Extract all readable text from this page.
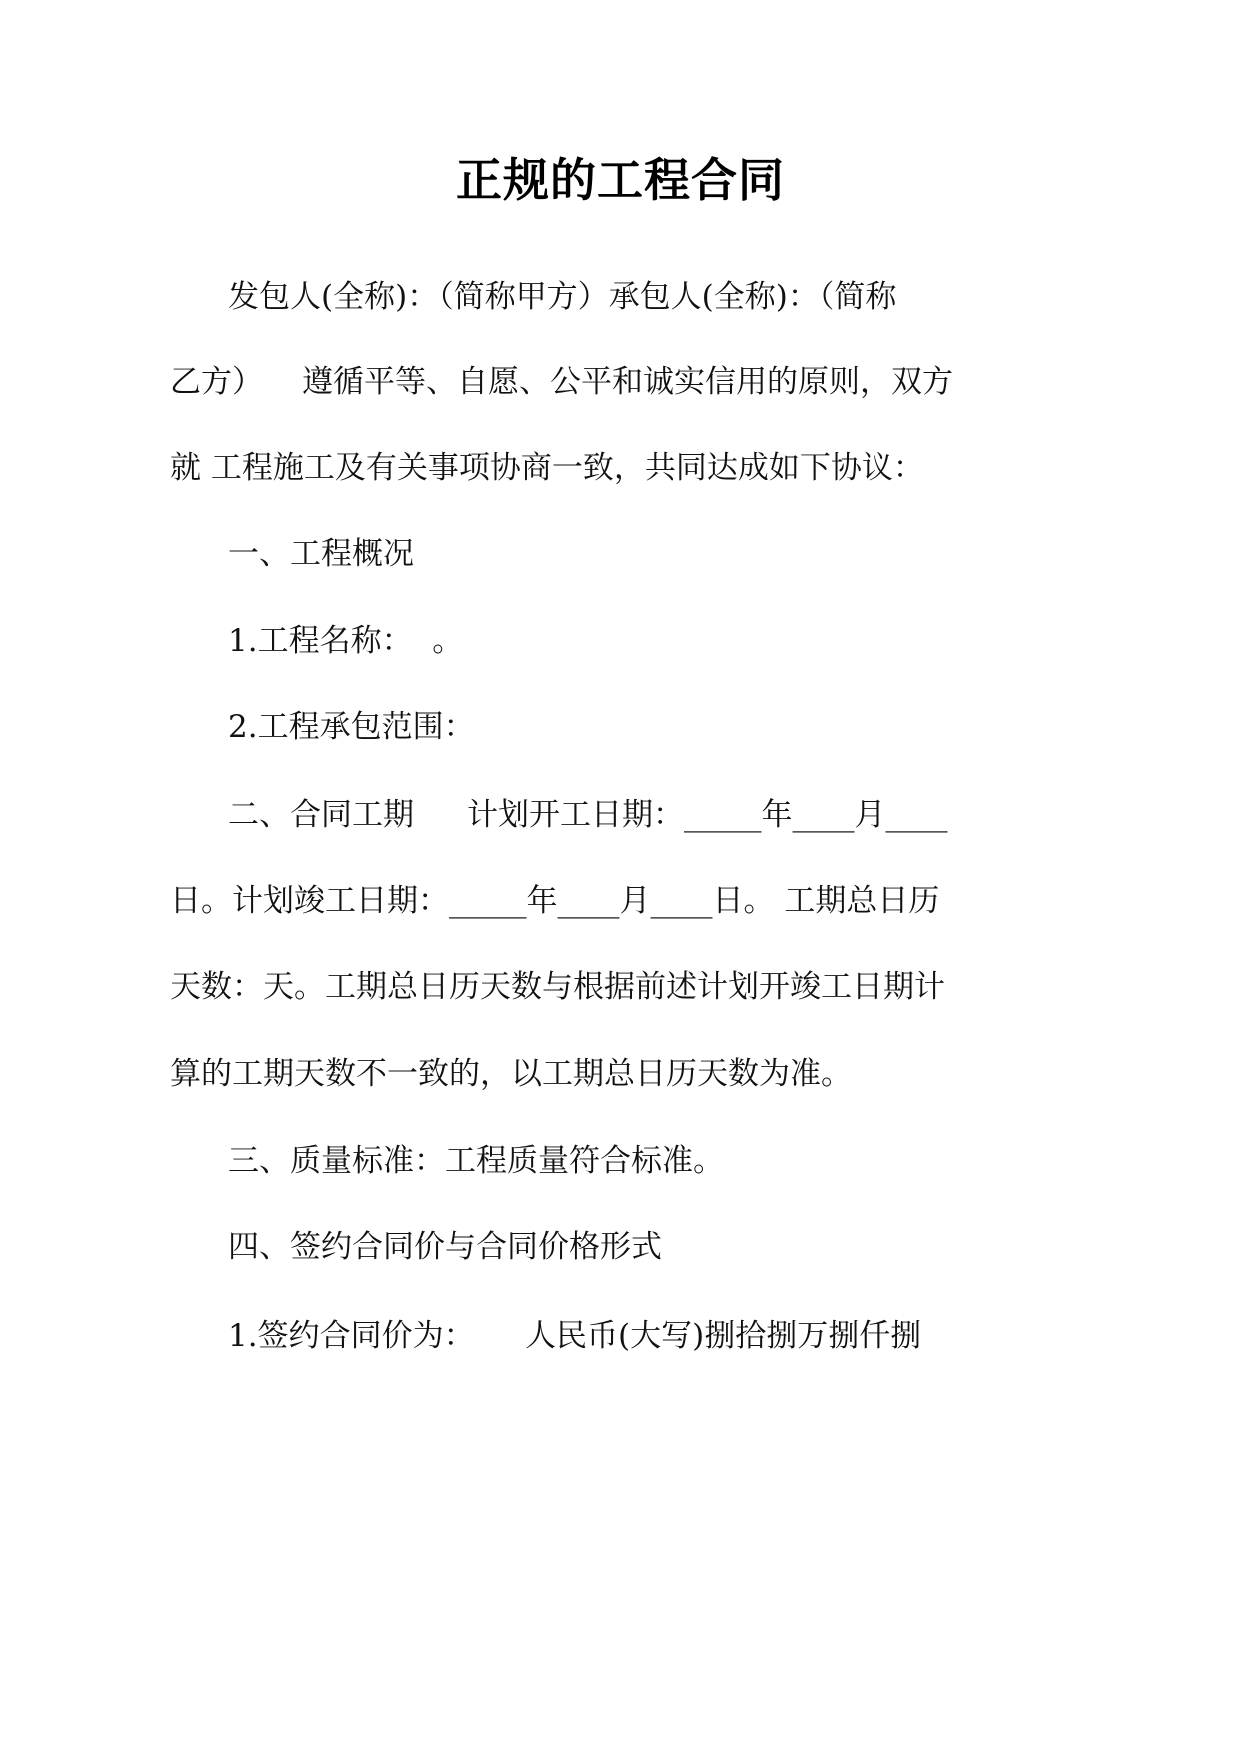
正规的工程合同

发包人(全称)：（简称甲方）承包人(全称)：（简称

乙方）

遵循平等、自愿、公平和诚实信用的原则，双方

就 工程施工及有关事项协商一致，共同达成如下协议：

一、工程概况

1.工程名称：  。

2.工程承包范围：

二、合同工期

计划开工日期：_____年____月____

日。计划竣工日期：_____年____月____日。 工期总日历

天数：天。工期总日历天数与根据前述计划开竣工日期计

算的工期天数不一致的，以工期总日历天数为准。

三、质量标准：工程质量符合标准。

四、签约合同价与合同价格形式

1.签约合同价为：

人民币(大写)捌拾捌万捌仟捌
